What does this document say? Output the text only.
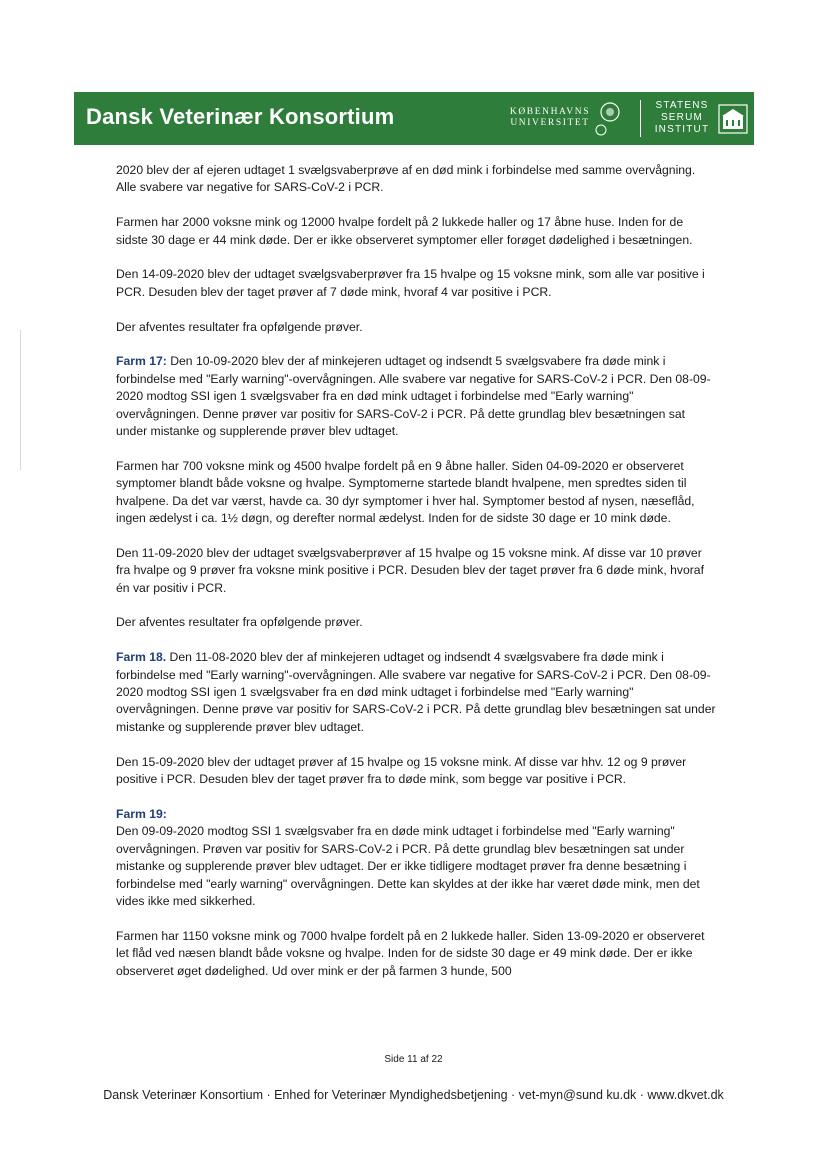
Dansk Veterinær Konsortium	KØBENHAVNS
UNIVERSITET
STATENS
SERUM
INSTITUT

2020 blev der af ejeren udtaget 1 svælgsvaberprøve af en død mink i forbindelse med samme overvågning. Alle svabere var negative for SARS-CoV-2 i PCR.

Farmen har 2000 voksne mink og 12000 hvalpe fordelt på 2 lukkede haller og 17 åbne huse. Inden for de sidste 30 dage er 44 mink døde. Der er ikke observeret symptomer eller forøget dødelighed i besætningen.

Den 14-09-2020 blev der udtaget svælgsvaberprøver fra 15 hvalpe og 15 voksne mink, som alle var positive i PCR. Desuden blev der taget prøver af 7 døde mink, hvoraf 4 var positive i PCR.

Der afventes resultater fra opfølgende prøver.

Farm 17: Den 10-09-2020 blev der af minkejeren udtaget og indsendt 5 svælgsvabere fra døde mink i forbindelse med "Early warning"-overvågningen. Alle svabere var negative for SARS-CoV-2 i PCR. Den 08-09-2020 modtog SSI igen 1 svælgsvaber fra en død mink udtaget i forbindelse med "Early warning" overvågningen. Denne prøver var positiv for SARS-CoV-2 i PCR. På dette grundlag blev besætningen sat under mistanke og supplerende prøver blev udtaget.

Farmen har 700 voksne mink og 4500 hvalpe fordelt på en 9 åbne haller. Siden 04-09-2020 er observeret symptomer blandt både voksne og hvalpe. Symptomerne startede blandt hvalpene, men spredtes siden til hvalpene. Da det var værst, havde ca. 30 dyr symptomer i hver hal. Symptomer bestod af nysen, næseflåd, ingen ædelyst i ca. 1½ døgn, og derefter normal ædelyst. Inden for de sidste 30 dage er 10 mink døde.

Den 11-09-2020 blev der udtaget svælgsvaberprøver af 15 hvalpe og 15 voksne mink. Af disse var 10 prøver fra hvalpe og 9 prøver fra voksne mink positive i PCR. Desuden blev der taget prøver fra 6 døde mink, hvoraf én var positiv i PCR.

Der afventes resultater fra opfølgende prøver.

Farm 18. Den 11-08-2020 blev der af minkejeren udtaget og indsendt 4 svælgsvabere fra døde mink i forbindelse med "Early warning"-overvågningen. Alle svabere var negative for SARS-CoV-2 i PCR. Den 08-09-2020 modtog SSI igen 1 svælgsvaber fra en død mink udtaget i forbindelse med "Early warning" overvågningen. Denne prøve var positiv for SARS-CoV-2 i PCR. På dette grundlag blev besætningen sat under mistanke og supplerende prøver blev udtaget.

Den 15-09-2020 blev der udtaget prøver af 15 hvalpe og 15 voksne mink. Af disse var hhv. 12 og 9 prøver positive i PCR. Desuden blev der taget prøver fra to døde mink, som begge var positive i PCR.

Farm 19:
Den 09-09-2020 modtog SSI 1 svælgsvaber fra en døde mink udtaget i forbindelse med "Early warning" overvågningen. Prøven var positiv for SARS-CoV-2 i PCR. På dette grundlag blev besætningen sat under mistanke og supplerende prøver blev udtaget. Der er ikke tidligere modtaget prøver fra denne besætning i forbindelse med "early warning" overvågningen. Dette kan skyldes at der ikke har været døde mink, men det vides ikke med sikkerhed.

Farmen har 1150 voksne mink og 7000 hvalpe fordelt på en 2 lukkede haller. Siden 13-09-2020 er observeret let flåd ved næsen blandt både voksne og hvalpe. Inden for de sidste 30 dage er 49 mink døde. Der er ikke observeret øget dødelighed. Ud over mink er der på farmen 3 hunde, 500

Side 11 af 22
Dansk Veterinær Konsortium · Enhed for Veterinær Myndighedsbetjening · vet-myn@sund ku.dk · www.dkvet.dk
